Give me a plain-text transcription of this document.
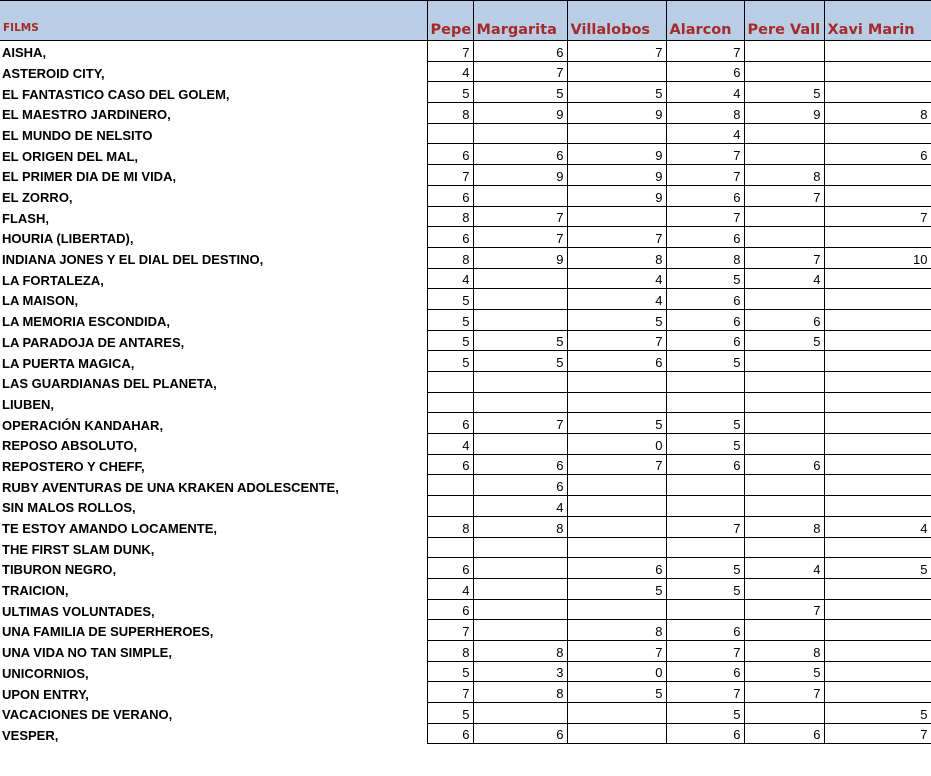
FILMS	Pepe	Margarita	Villalobos	Alarcon	Pere Vall	Xavi Marin
AISHA,	7	6	7	7		
ASTEROID CITY,	4	7		6		
EL FANTASTICO CASO DEL GOLEM,	5	5	5	4	5	
EL MAESTRO JARDINERO,	8	9	9	8	9	8
EL MUNDO DE NELSITO				4		
EL ORIGEN DEL MAL,	6	6	9	7		6
EL PRIMER DIA DE MI VIDA,	7	9	9	7	8	
EL ZORRO,	6		9	6	7	
FLASH,	8	7		7		7
HOURIA (LIBERTAD),	6	7	7	6		
INDIANA JONES Y EL DIAL DEL DESTINO,	8	9	8	8	7	10
LA FORTALEZA,	4		4	5	4	
LA MAISON,	5		4	6		
LA MEMORIA ESCONDIDA,	5		5	6	6	
LA PARADOJA DE ANTARES,	5	5	7	6	5	
LA PUERTA MAGICA,	5	5	6	5		
LAS GUARDIANAS DEL PLANETA,						
LIUBEN,						
OPERACIÓN KANDAHAR,	6	7	5	5		
REPOSO ABSOLUTO,	4		0	5		
REPOSTERO Y CHEFF,	6	6	7	6	6	
RUBY AVENTURAS DE UNA KRAKEN ADOLESCENTE,		6				
SIN MALOS ROLLOS,		4				
TE ESTOY AMANDO LOCAMENTE,	8	8		7	8	4
THE FIRST SLAM DUNK,						
TIBURON NEGRO,	6		6	5	4	5
TRAICION,	4		5	5		
ULTIMAS VOLUNTADES,	6				7	
UNA FAMILIA DE SUPERHEROES,	7		8	6		
UNA VIDA NO TAN SIMPLE,	8	8	7	7	8	
UNICORNIOS,	5	3	0	6	5	
UPON ENTRY,	7	8	5	7	7	
VACACIONES DE VERANO,	5			5		5
VESPER,	6	6		6	6	7
